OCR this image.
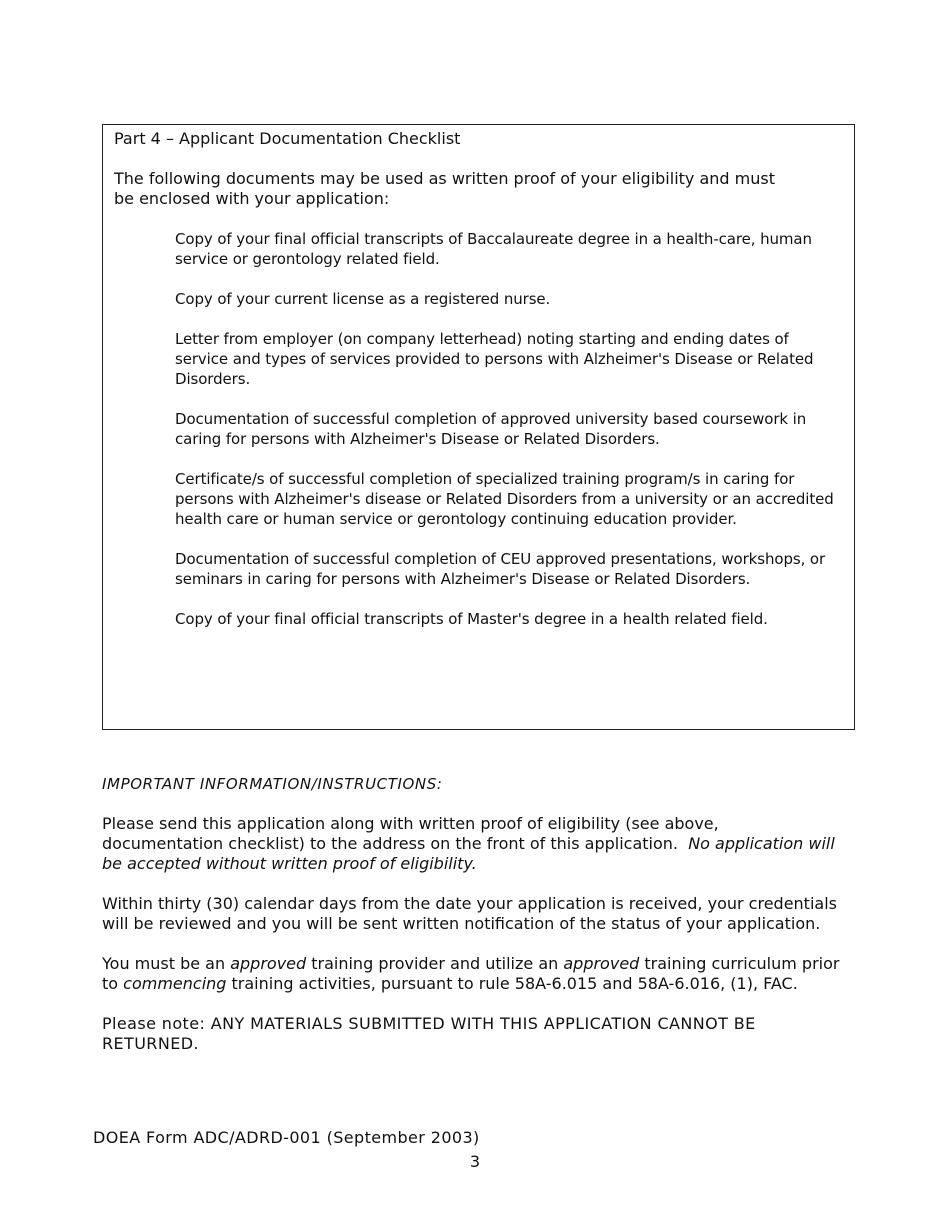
Part 4 – Applicant Documentation Checklist

The following documents may be used as written proof of your eligibility and must
be enclosed with your application:

Copy of your final official transcripts of Baccalaureate degree in a health-care, human service or gerontology related field.
Copy of your current license as a registered nurse.
Letter from employer (on company letterhead) noting starting and ending dates of service and types of services provided to persons with Alzheimer's Disease or Related Disorders.
Documentation of successful completion of approved university based coursework in caring for persons with Alzheimer's Disease or Related Disorders.
Certificate/s of successful completion of specialized training program/s in caring for persons with Alzheimer's disease or Related Disorders from a university or an accredited health care or human service or gerontology continuing education provider.
Documentation of successful completion of CEU approved presentations, workshops, or seminars in caring for persons with Alzheimer's Disease or Related Disorders.
Copy of your final official transcripts of Master's degree in a health related field.

IMPORTANT INFORMATION/INSTRUCTIONS:

Please send this application along with written proof of eligibility (see above, documentation checklist) to the address on the front of this application. No application will be accepted without written proof of eligibility.

Within thirty (30) calendar days from the date your application is received, your credentials will be reviewed and you will be sent written notification of the status of your application.

You must be an approved training provider and utilize an approved training curriculum prior to commencing training activities, pursuant to rule 58A-6.015 and 58A-6.016, (1), FAC.

Please note: ANY MATERIALS SUBMITTED WITH THIS APPLICATION CANNOT BE RETURNED.

DOEA Form ADC/ADRD-001 (September 2003)
3
